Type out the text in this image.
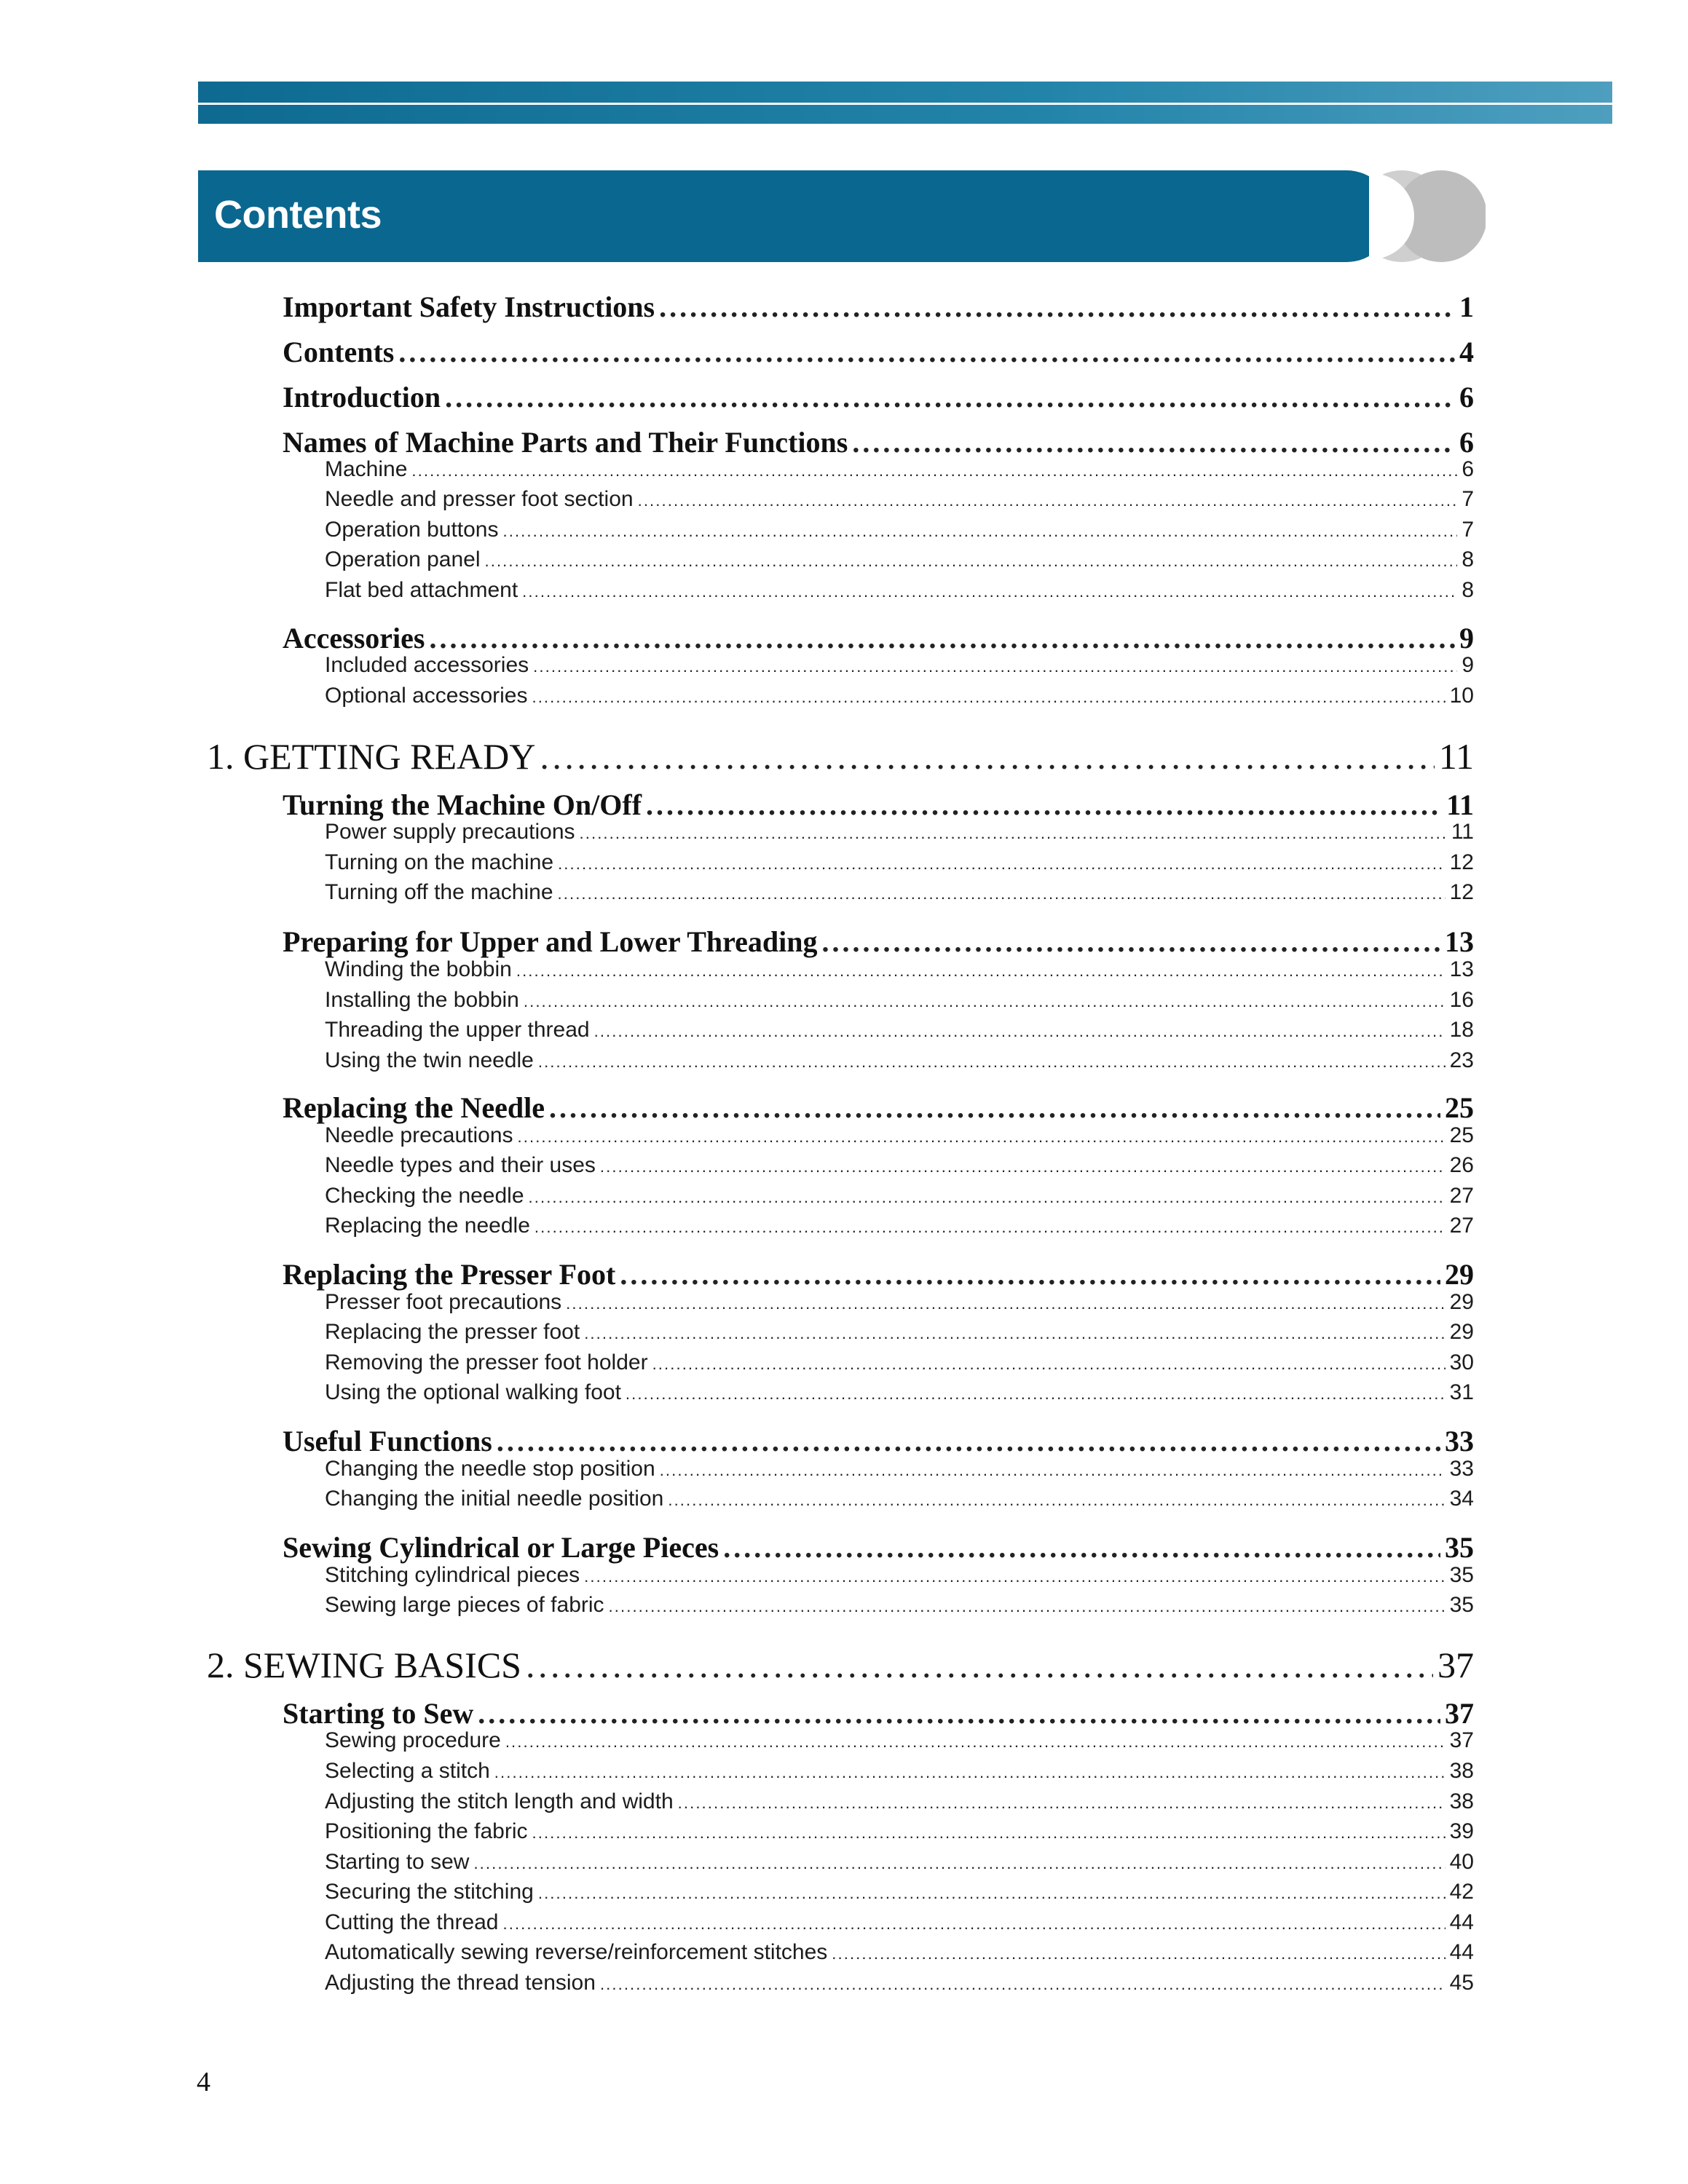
Contents
Important Safety Instructions . . .	1
Contents . . .	4
Introduction . . .	6
Names of Machine Parts and Their Functions . . .	6
Machine . . .	6
Needle and presser foot section . . .	7
Operation buttons . . .	7
Operation panel . . .	8
Flat bed attachment . . .	8
Accessories . . .	9
Included accessories . . .	9
Optional accessories . . .	10
1. GETTING READY . . .	11
Turning the Machine On/Off . . .	11
Power supply precautions . . .	11
Turning on the machine . . .	12
Turning off the machine . . .	12
Preparing for Upper and Lower Threading . . .	13
Winding the bobbin . . .	13
Installing the bobbin . . .	16
Threading the upper thread . . .	18
Using the twin needle . . .	23
Replacing the Needle . . .	25
Needle precautions . . .	25
Needle types and their uses . . .	26
Checking the needle . . .	27
Replacing the needle . . .	27
Replacing the Presser Foot . . .	29
Presser foot precautions . . .	29
Replacing the presser foot . . .	29
Removing the presser foot holder . . .	30
Using the optional walking foot . . .	31
Useful Functions . . .	33
Changing the needle stop position . . .	33
Changing the initial needle position . . .	34
Sewing Cylindrical or Large Pieces . . .	35
Stitching cylindrical pieces . . .	35
Sewing large pieces of fabric . . .	35
2. SEWING BASICS . . .	37
Starting to Sew . . .	37
Sewing procedure . . .	37
Selecting a stitch . . .	38
Adjusting the stitch length and width . . .	38
Positioning the fabric . . .	39
Starting to sew . . .	40
Securing the stitching . . .	42
Cutting the thread . . .	44
Automatically sewing reverse/reinforcement stitches . . .	44
Adjusting the thread tension . . .	45
4
